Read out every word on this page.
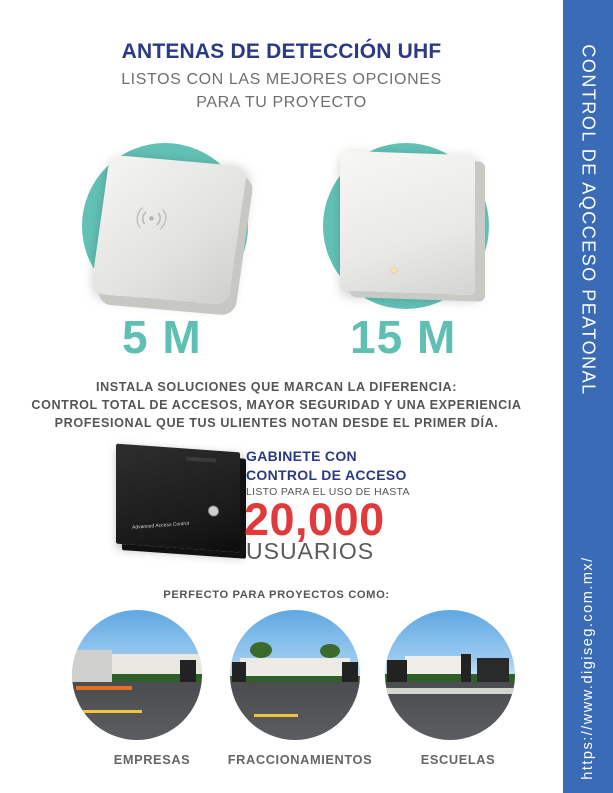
ANTENAS DE DETECCIÓN UHF
LISTOS CON LAS MEJORES OPCIONES
PARA TU PROYECTO
5 M	15 M
INSTALA SOLUCIONES QUE MARCAN LA DIFERENCIA:
CONTROL TOTAL DE ACCESOS, MAYOR SEGURIDAD Y UNA EXPERIENCIA
PROFESIONAL QUE TUS ULIENTES NOTAN DESDE EL PRIMER DÍA.
Advanced Access Control
GABINETE CON
CONTROL DE ACCESO
LISTO PARA EL USO DE HASTA
20,000
USUARIOS
PERFECTO PARA PROYECTOS COMO:
EMPRESAS	FRACCIONAMIENTOS	ESCUELAS
CONTROL DE AQCCESO PEATONAL
https://www.digiseg.com.mx/
